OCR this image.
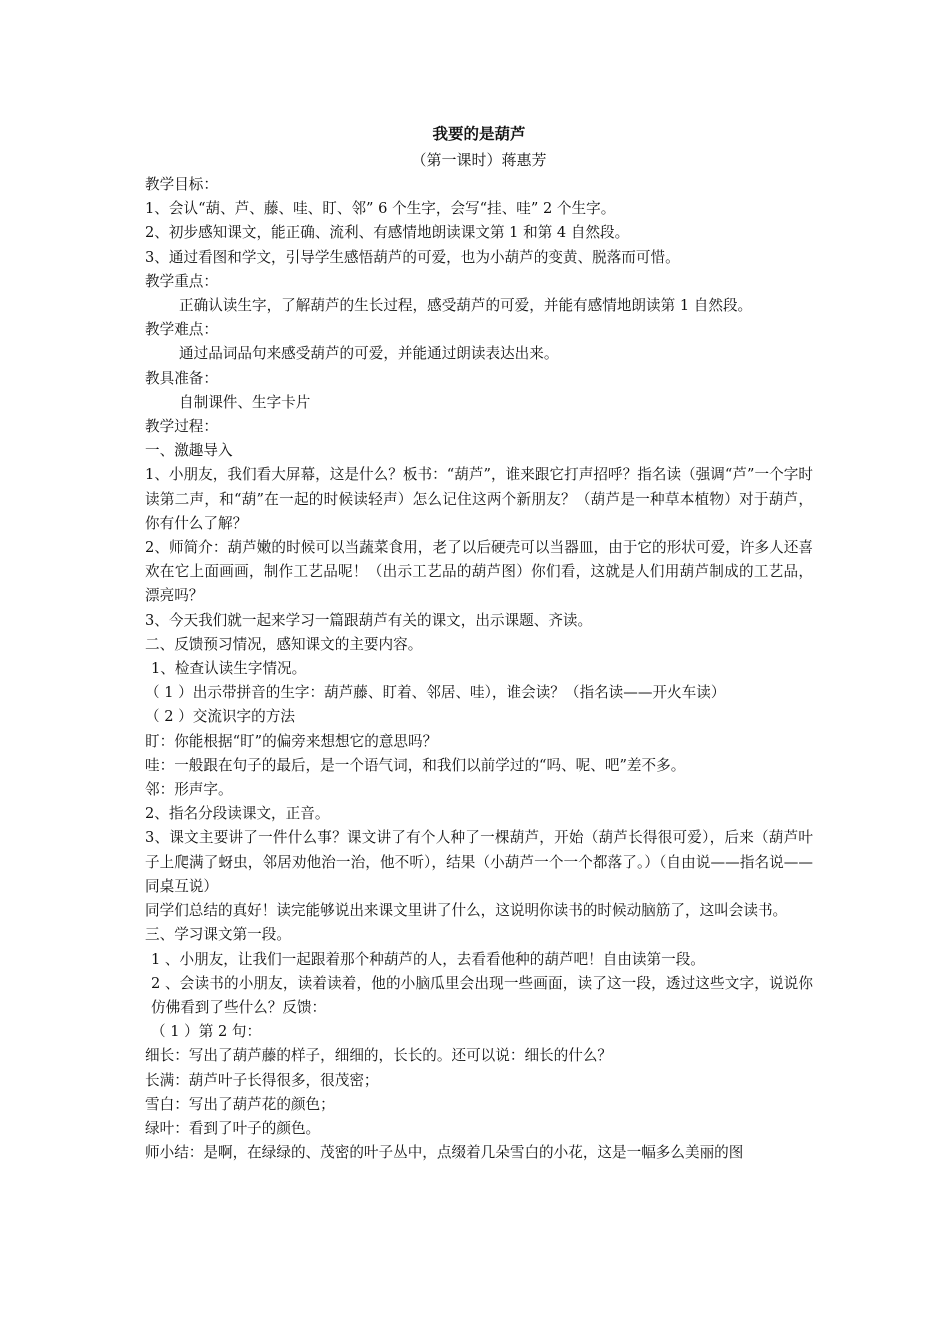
我要的是葫芦
（第一课时）蒋惠芳

教学目标：

1、会认“葫、芦、藤、哇、盯、邻” 6 个生字，会写“挂、哇” 2 个生字。

2、初步感知课文，能正确、流利、有感情地朗读课文第 1 和第 4 自然段。

3、通过看图和学文，引导学生感悟葫芦的可爱，也为小葫芦的变黄、脱落而可惜。

教学重点：

正确认读生字，了解葫芦的生长过程，感受葫芦的可爱，并能有感情地朗读第 1 自然段。

教学难点：

通过品词品句来感受葫芦的可爱，并能通过朗读表达出来。

教具准备：

自制课件、生字卡片

教学过程：

一、激趣导入

1、小朋友，我们看大屏幕，这是什么？板书：“葫芦”，谁来跟它打声招呼？指名读（强调“芦”一个字时读第二声，和“葫”在一起的时候读轻声）怎么记住这两个新朋友？（葫芦是一种草本植物）对于葫芦，你有什么了解？

2、师简介：葫芦嫩的时候可以当蔬菜食用，老了以后硬壳可以当器皿，由于它的形状可爱，许多人还喜欢在它上面画画，制作工艺品呢！（出示工艺品的葫芦图）你们看，这就是人们用葫芦制成的工艺品，漂亮吗？

3、今天我们就一起来学习一篇跟葫芦有关的课文，出示课题、齐读。

二、反馈预习情况，感知课文的主要内容。

1、检查认读生字情况。

（ 1 ）出示带拼音的生字：葫芦藤、盯着、邻居、哇），谁会读？（指名读——开火车读）

（ 2 ）交流识字的方法

盯：你能根据“盯”的偏旁来想想它的意思吗？

哇：一般跟在句子的最后，是一个语气词，和我们以前学过的“吗、呢、吧”差不多。

邻：形声字。

2、指名分段读课文，正音。

3、课文主要讲了一件什么事？课文讲了有个人种了一棵葫芦，开始（葫芦长得很可爱），后来（葫芦叶子上爬满了蚜虫，邻居劝他治一治，他不听），结果（小葫芦一个一个都落了。）（自由说——指名说——同桌互说）

同学们总结的真好！读完能够说出来课文里讲了什么，这说明你读书的时候动脑筋了，这叫会读书。

三、学习课文第一段。

1 、小朋友，让我们一起跟着那个种葫芦的人，去看看他种的葫芦吧！自由读第一段。

2 、会读书的小朋友，读着读着，他的小脑瓜里会出现一些画面，读了这一段，透过这些文字，说说你仿佛看到了些什么？反馈：

（ 1 ）第 2 句：

细长：写出了葫芦藤的样子，细细的，长长的。还可以说：细长的什么？

长满：葫芦叶子长得很多，很茂密；

雪白：写出了葫芦花的颜色；

绿叶：看到了叶子的颜色。

师小结：是啊，在绿绿的、茂密的叶子丛中，点缀着几朵雪白的小花，这是一幅多么美丽的图
